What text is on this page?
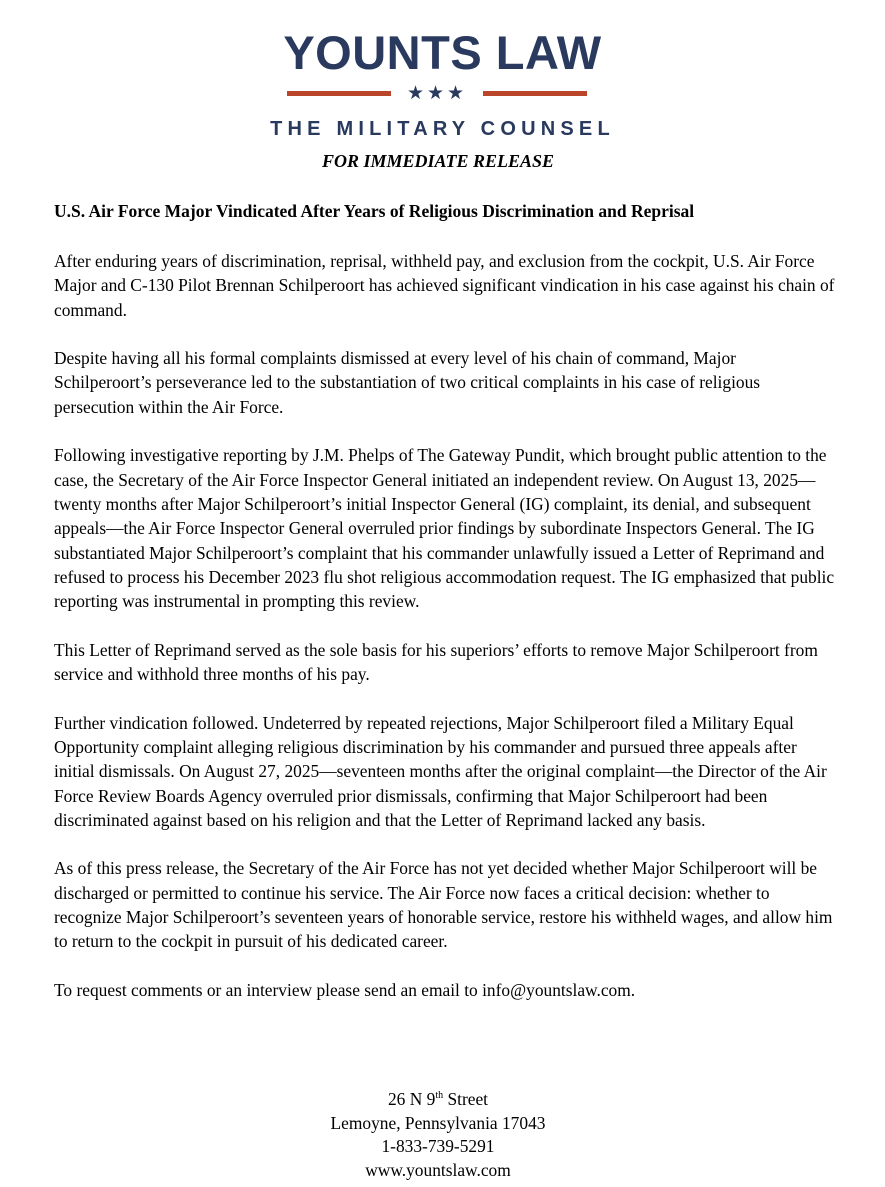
YOUNTS LAW
★★★
THE MILITARY COUNSEL
FOR IMMEDIATE RELEASE
U.S. Air Force Major Vindicated After Years of Religious Discrimination and Reprisal

After enduring years of discrimination, reprisal, withheld pay, and exclusion from the cockpit, U.S. Air Force Major and C-130 Pilot Brennan Schilperoort has achieved significant vindication in his case against his chain of command.

Despite having all his formal complaints dismissed at every level of his chain of command, Major Schilperoort’s perseverance led to the substantiation of two critical complaints in his case of religious persecution within the Air Force.

Following investigative reporting by J.M. Phelps of The Gateway Pundit, which brought public attention to the case, the Secretary of the Air Force Inspector General initiated an independent review. On August 13, 2025—twenty months after Major Schilperoort’s initial Inspector General (IG) complaint, its denial, and subsequent appeals—the Air Force Inspector General overruled prior findings by subordinate Inspectors General. The IG substantiated Major Schilperoort’s complaint that his commander unlawfully issued a Letter of Reprimand and refused to process his December 2023 flu shot religious accommodation request. The IG emphasized that public reporting was instrumental in prompting this review.

This Letter of Reprimand served as the sole basis for his superiors’ efforts to remove Major Schilperoort from service and withhold three months of his pay.

Further vindication followed. Undeterred by repeated rejections, Major Schilperoort filed a Military Equal Opportunity complaint alleging religious discrimination by his commander and pursued three appeals after initial dismissals. On August 27, 2025—seventeen months after the original complaint—the Director of the Air Force Review Boards Agency overruled prior dismissals, confirming that Major Schilperoort had been discriminated against based on his religion and that the Letter of Reprimand lacked any basis.

As of this press release, the Secretary of the Air Force has not yet decided whether Major Schilperoort will be discharged or permitted to continue his service. The Air Force now faces a critical decision: whether to recognize Major Schilperoort’s seventeen years of honorable service, restore his withheld wages, and allow him to return to the cockpit in pursuit of his dedicated career.

To request comments or an interview please send an email to info@yountslaw.com.

26 N 9th Street
Lemoyne, Pennsylvania 17043
1-833-739-5291
www.yountslaw.com
